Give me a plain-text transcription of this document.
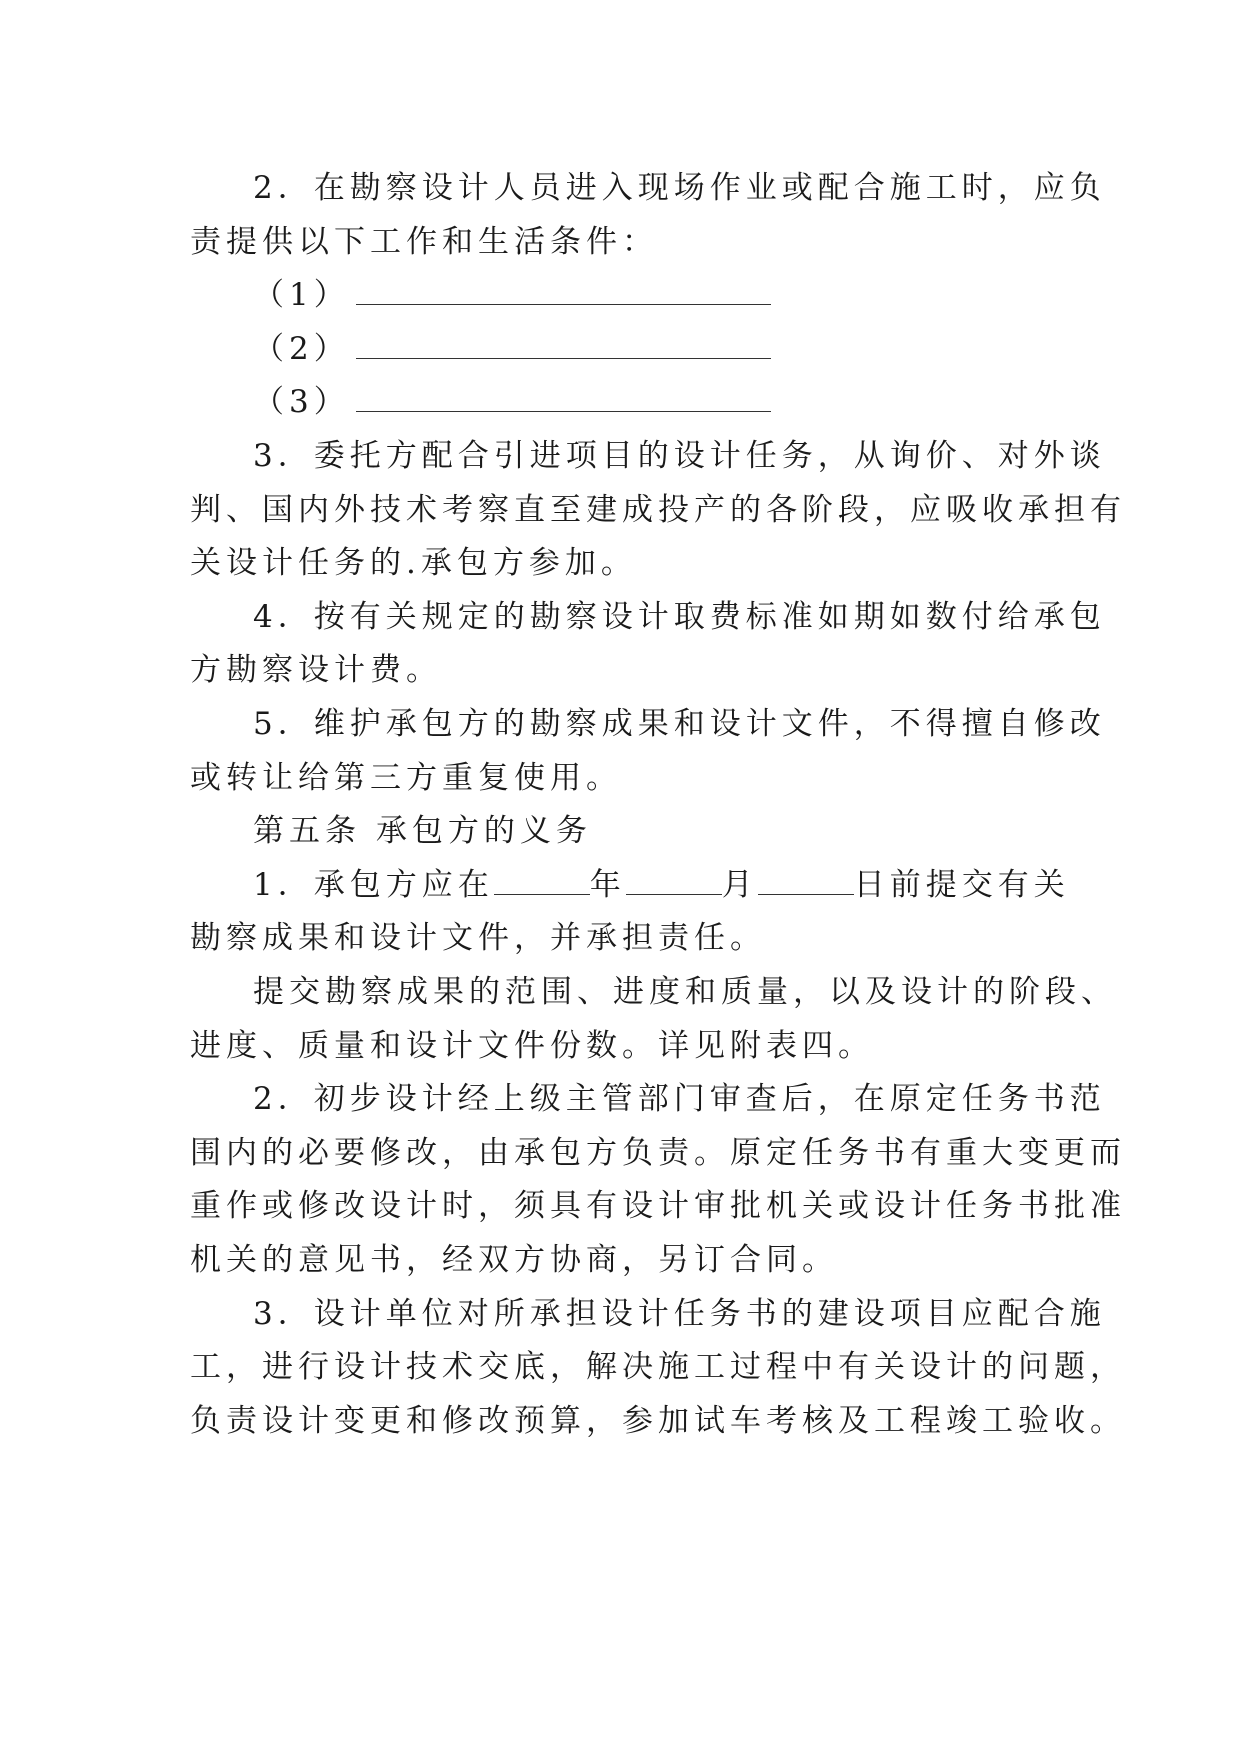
2．在勘察设计人员进入现场作业或配合施工时，应负
责提供以下工作和生活条件：
（1）
（2）
（3）
3．委托方配合引进项目的设计任务，从询价、对外谈
判、国内外技术考察直至建成投产的各阶段，应吸收承担有
关设计任务的.承包方参加。
4．按有关规定的勘察设计取费标准如期如数付给承包
方勘察设计费。
5．维护承包方的勘察成果和设计文件，不得擅自修改
或转让给第三方重复使用。
第五条 承包方的义务
1．承包方应在	年	月	日前提交有关
勘察成果和设计文件，并承担责任。
提交勘察成果的范围、进度和质量，以及设计的阶段、
进度、质量和设计文件份数。详见附表四。
2．初步设计经上级主管部门审查后，在原定任务书范
围内的必要修改，由承包方负责。原定任务书有重大变更而
重作或修改设计时，须具有设计审批机关或设计任务书批准
机关的意见书，经双方协商，另订合同。
3．设计单位对所承担设计任务书的建设项目应配合施
工，进行设计技术交底，解决施工过程中有关设计的问题，
负责设计变更和修改预算，参加试车考核及工程竣工验收。
